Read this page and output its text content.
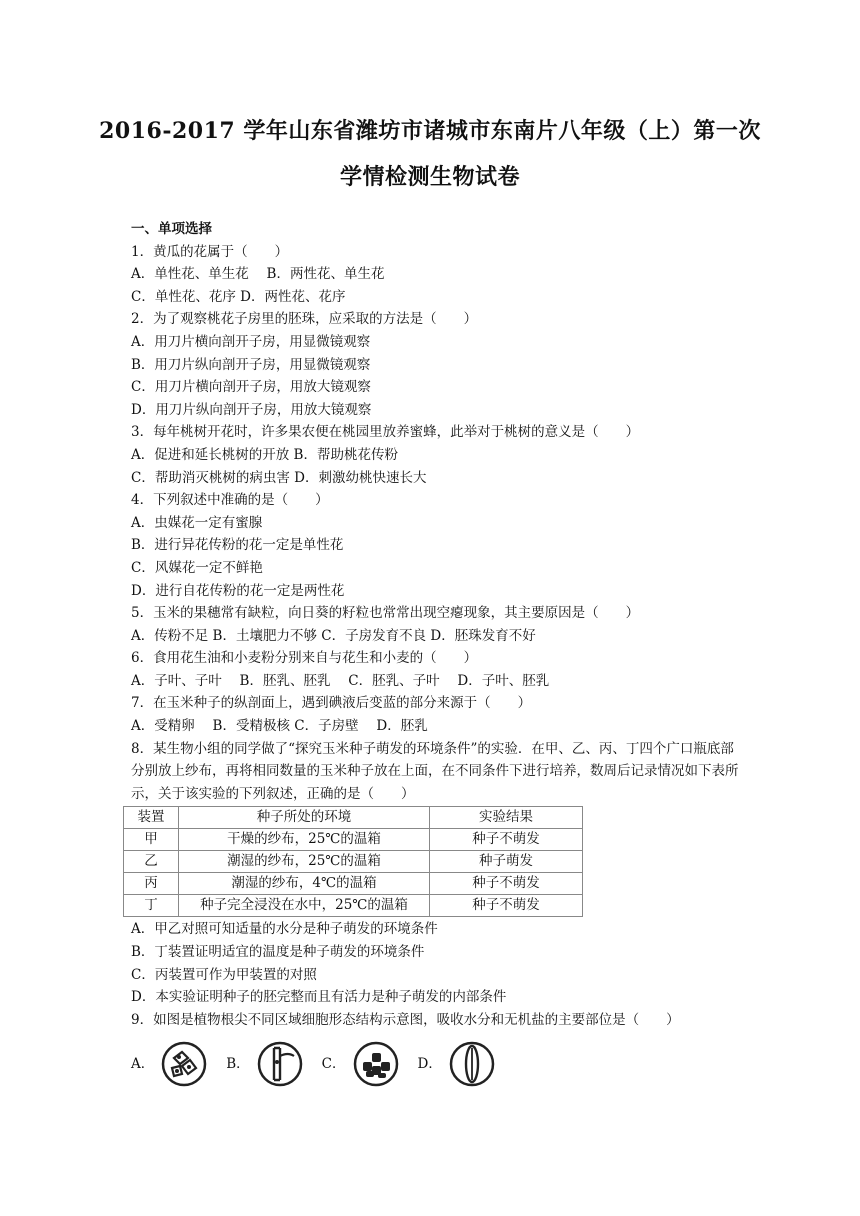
2016-2017 学年山东省潍坊市诸城市东南片八年级（上）第一次
学情检测生物试卷
一、单项选择
1．黄瓜的花属于（　　）
A．单性花、单生花　 B．两性花、单生花
C．单性花、花序 D．两性花、花序
2．为了观察桃花子房里的胚珠，应采取的方法是（　　）
A．用刀片横向剖开子房，用显微镜观察
B．用刀片纵向剖开子房，用显微镜观察
C．用刀片横向剖开子房，用放大镜观察
D．用刀片纵向剖开子房，用放大镜观察
3．每年桃树开花时，许多果农便在桃园里放养蜜蜂，此举对于桃树的意义是（　　）
A．促进和延长桃树的开放 B．帮助桃花传粉
C．帮助消灭桃树的病虫害 D．刺激幼桃快速长大
4．下列叙述中准确的是（　　）
A．虫媒花一定有蜜腺
B．进行异花传粉的花一定是单性花
C．风媒花一定不鲜艳
D．进行自花传粉的花一定是两性花
5．玉米的果穗常有缺粒，向日葵的籽粒也常常出现空瘪现象，其主要原因是（　　）
A．传粉不足 B．土壤肥力不够 C．子房发育不良 D．胚珠发育不好
6．食用花生油和小麦粉分别来自与花生和小麦的（　　）
A．子叶、子叶　 B．胚乳、胚乳　 C．胚乳、子叶　 D．子叶、胚乳
7．在玉米种子的纵剖面上，遇到碘液后变蓝的部分来源于（　　）
A．受精卵　 B．受精极核 C．子房壁　 D．胚乳
8．某生物小组的同学做了“探究玉米种子萌发的环境条件”的实验．在甲、乙、丙、丁四个广口瓶底部分别放上纱布，再将相同数量的玉米种子放在上面，在不同条件下进行培养，数周后记录情况如下表所示，关于该实验的下列叙述，正确的是（　　）
装置	种子所处的环境	实验结果
甲	干燥的纱布，25℃的温箱	种子不萌发
乙	潮湿的纱布，25℃的温箱	种子萌发
丙	潮湿的纱布，4℃的温箱	种子不萌发
丁	种子完全浸没在水中，25℃的温箱	种子不萌发
A．甲乙对照可知适量的水分是种子萌发的环境条件
B．丁装置证明适宜的温度是种子萌发的环境条件
C．丙装置可作为甲装置的对照
D．本实验证明种子的胚完整而且有活力是种子萌发的内部条件
9．如图是植物根尖不同区域细胞形态结构示意图，吸收水分和无机盐的主要部位是（　　）
A．	B．	C．	D．
